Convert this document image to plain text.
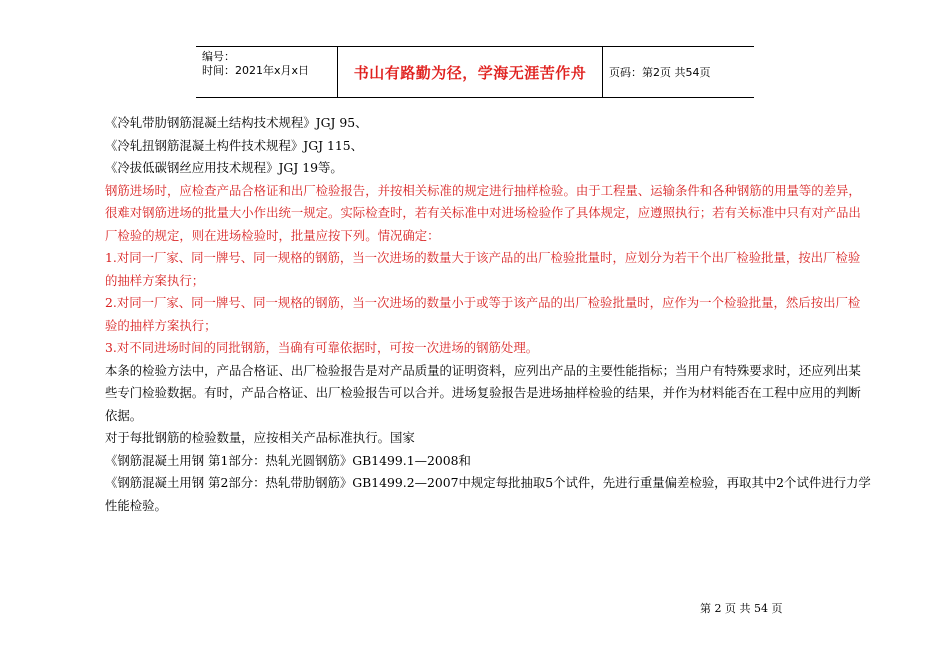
编号：
时间：2021年x月x日	书山有路勤为径，学海无涯苦作舟	页码：第2页 共54页

《冷轧带肋钢筋混凝土结构技术规程》JGJ 95、

《冷轧扭钢筋混凝土构件技术规程》JGJ 115、

《冷拔低碳钢丝应用技术规程》JGJ 19等。

钢筋进场时，应检查产品合格证和出厂检验报告，并按相关标准的规定进行抽样检验。由于工程量、运输条件和各种钢筋的用量等的差异，很难对钢筋进场的批量大小作出统一规定。实际检查时，若有关标准中对进场检验作了具体规定，应遵照执行；若有关标准中只有对产品出厂检验的规定，则在进场检验时，批量应按下列。情况确定：

1.对同一厂家、同一牌号、同一规格的钢筋，当一次进场的数量大于该产品的出厂检验批量时，应划分为若干个出厂检验批量，按出厂检验的抽样方案执行；

2.对同一厂家、同一牌号、同一规格的钢筋，当一次进场的数量小于或等于该产品的出厂检验批量时，应作为一个检验批量，然后按出厂检验的抽样方案执行；

3.对不同进场时间的同批钢筋，当确有可靠依据时，可按一次进场的钢筋处理。

本条的检验方法中，产品合格证、出厂检验报告是对产品质量的证明资料，应列出产品的主要性能指标；当用户有特殊要求时，还应列出某些专门检验数据。有时，产品合格证、出厂检验报告可以合并。进场复验报告是进场抽样检验的结果，并作为材料能否在工程中应用的判断依据。

对于每批钢筋的检验数量，应按相关产品标准执行。国家

《钢筋混凝土用钢 第1部分：热轧光圆钢筋》GB1499.1—2008和

《钢筋混凝土用钢 第2部分：热轧带肋钢筋》GB1499.2—2007中规定每批抽取5个试件，先进行重量偏差检验，再取其中2个试件进行力学性能检验。

第 2 页 共 54 页
